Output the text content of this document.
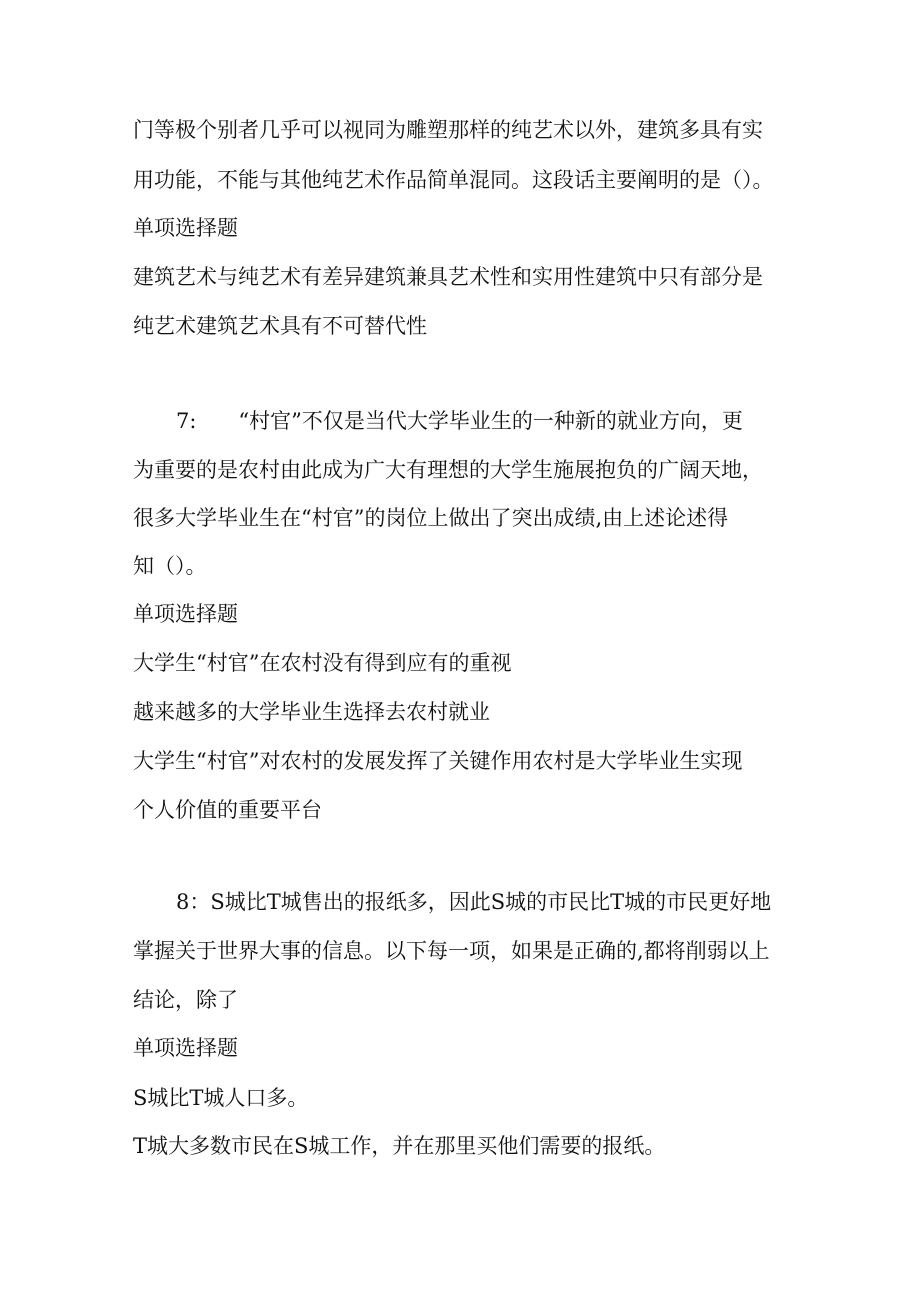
门等极个别者几乎可以视同为雕塑那样的纯艺术以外，建筑多具有实
用功能，不能与其他纯艺术作品简单混同。这段话主要阐明的是（）。
单项选择题
建筑艺术与纯艺术有差异建筑兼具艺术性和实用性建筑中只有部分是
纯艺术建筑艺术具有不可替代性
7:　　“村官”不仅是当代大学毕业生的一种新的就业方向，更
为重要的是农村由此成为广大有理想的大学生施展抱负的广阔天地，
很多大学毕业生在“村官”的岗位上做出了突出成绩,由上述论述得
知（）。
单项选择题
大学生“村官”在农村没有得到应有的重视
越来越多的大学毕业生选择去农村就业
大学生“村官”对农村的发展发挥了关键作用农村是大学毕业生实现
个人价值的重要平台
8：S城比T城售出的报纸多，因此S城的市民比T城的市民更好地
掌握关于世界大事的信息。以下每一项，如果是正确的,都将削弱以上
结论，除了
单项选择题
S城比T城人口多。
T城大多数市民在S城工作，并在那里买他们需要的报纸。
